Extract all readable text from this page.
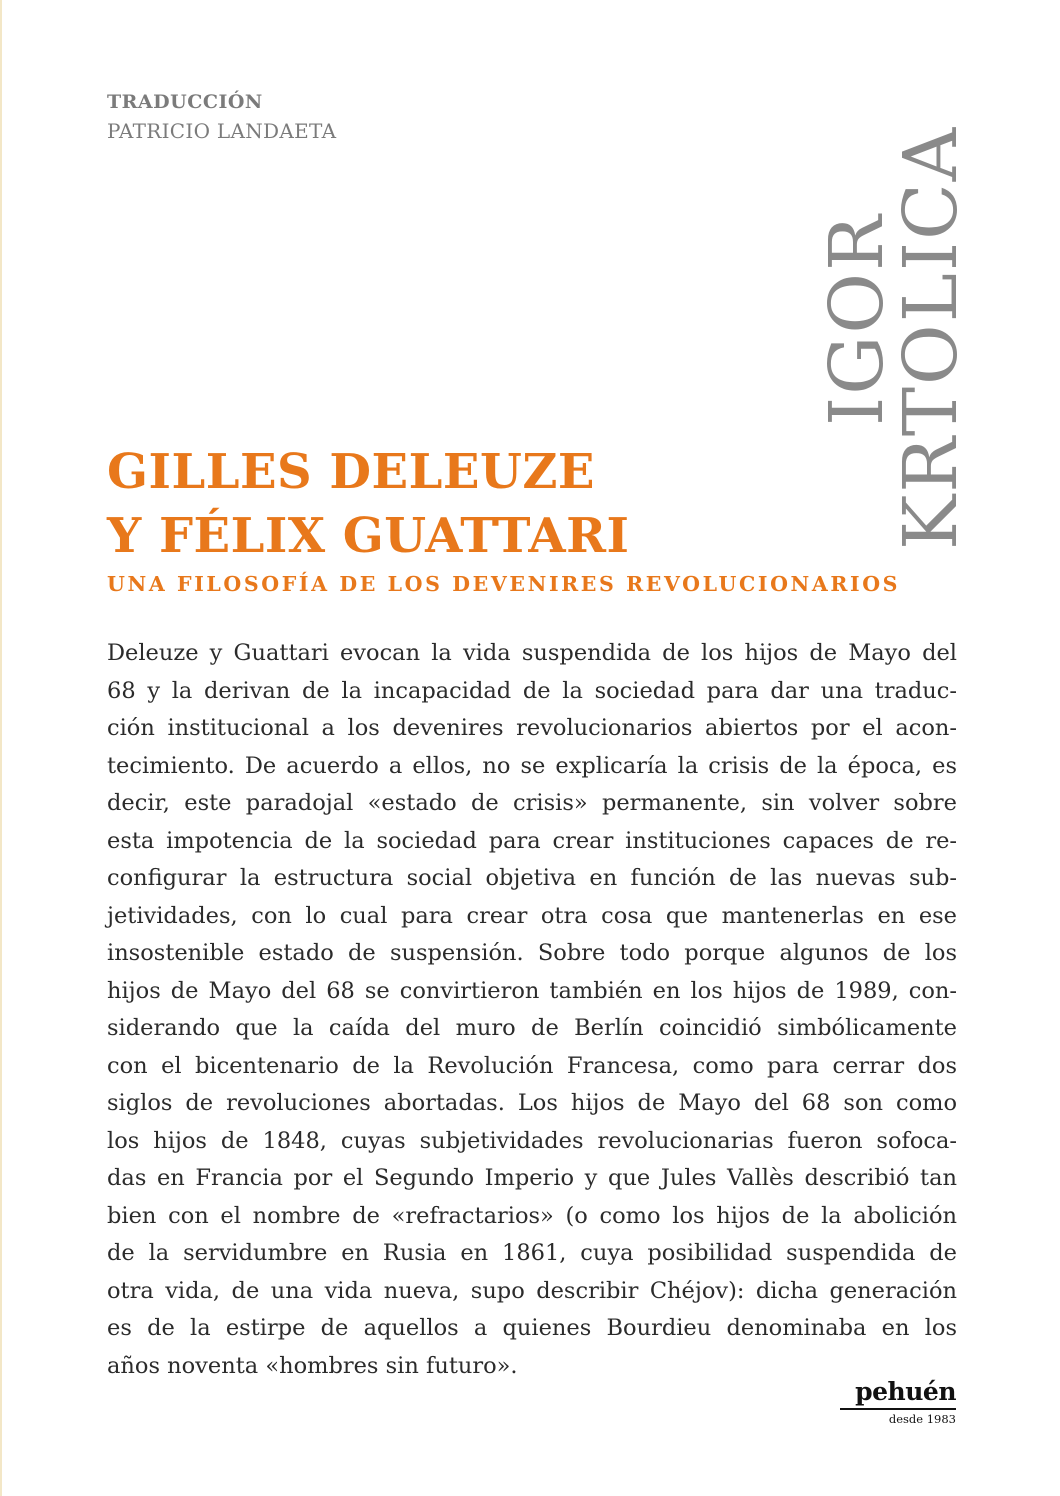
TRADUCCIÓN
PATRICIO LANDAETA
IGOR
KRTOLICA
GILLES DELEUZE
Y FÉLIX GUATTARI
UNA FILOSOFÍA DE LOS DEVENIRES REVOLUCIONARIOS
Deleuze y Guattari evocan la vida suspendida de los hijos de Mayo del
68 y la derivan de la incapacidad de la sociedad para dar una traduc-
ción institucional a los devenires revolucionarios abiertos por el acon-
tecimiento. De acuerdo a ellos, no se explicaría la crisis de la época, es
decir, este paradojal «estado de crisis» permanente, sin volver sobre
esta impotencia de la sociedad para crear instituciones capaces de re-
configurar la estructura social objetiva en función de las nuevas sub-
jetividades, con lo cual para crear otra cosa que mantenerlas en ese
insostenible estado de suspensión. Sobre todo porque algunos de los
hijos de Mayo del 68 se convirtieron también en los hijos de 1989, con-
siderando que la caída del muro de Berlín coincidió simbólicamente
con el bicentenario de la Revolución Francesa, como para cerrar dos
siglos de revoluciones abortadas. Los hijos de Mayo del 68 son como
los hijos de 1848, cuyas subjetividades revolucionarias fueron sofoca-
das en Francia por el Segundo Imperio y que Jules Vallès describió tan
bien con el nombre de «refractarios» (o como los hijos de la abolición
de la servidumbre en Rusia en 1861, cuya posibilidad suspendida de
otra vida, de una vida nueva, supo describir Chéjov): dicha generación
es de la estirpe de aquellos a quienes Bourdieu denominaba en los
años noventa «hombres sin futuro».
pehuén
desde 1983
